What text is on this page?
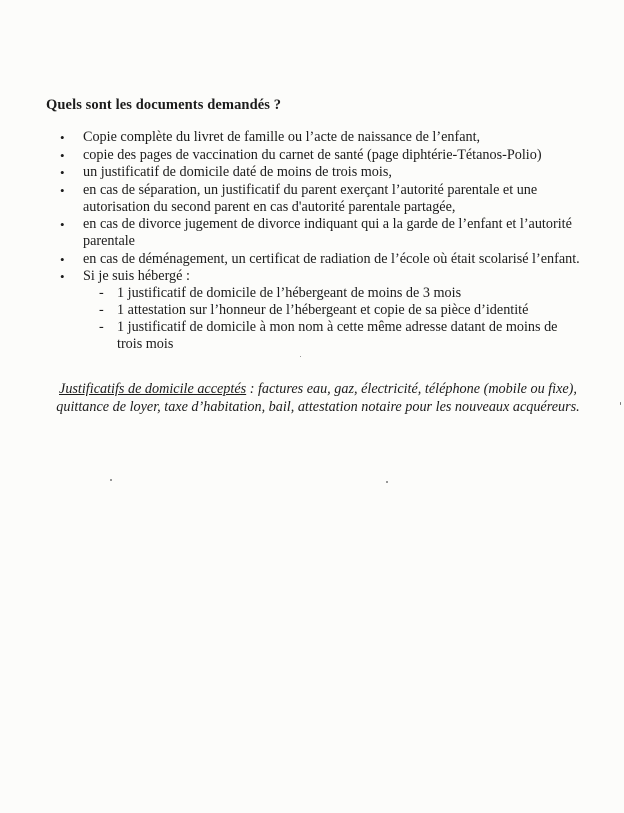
Quels sont les documents demandés ?
•	Copie complète du livret de famille ou l’acte de naissance de l’enfant,
•	copie des pages de vaccination du carnet de santé (page diphtérie-Tétanos-Polio)
•	un justificatif de domicile daté de moins de trois mois,
•	en cas de séparation, un justificatif du parent exerçant l’autorité parentale et une autorisation du second parent en cas d'autorité parentale partagée,
•	en cas de divorce jugement de divorce indiquant qui a la garde de l’enfant et l’autorité parentale
•	en cas de déménagement, un certificat de radiation de l’école où était scolarisé l’enfant.
•	Si je suis hébergé :
- 1 justificatif de domicile de l’hébergeant de moins de 3 mois
- 1 attestation sur l’honneur de l’hébergeant et copie de sa pièce d’identité
- 1 justificatif de domicile à mon nom à cette même adresse datant de moins de trois mois
Justificatifs de domicile acceptés : factures eau, gaz, électricité, téléphone (mobile ou fixe), quittance de loyer, taxe d’habitation, bail, attestation notaire pour les nouveaux acquéreurs.
